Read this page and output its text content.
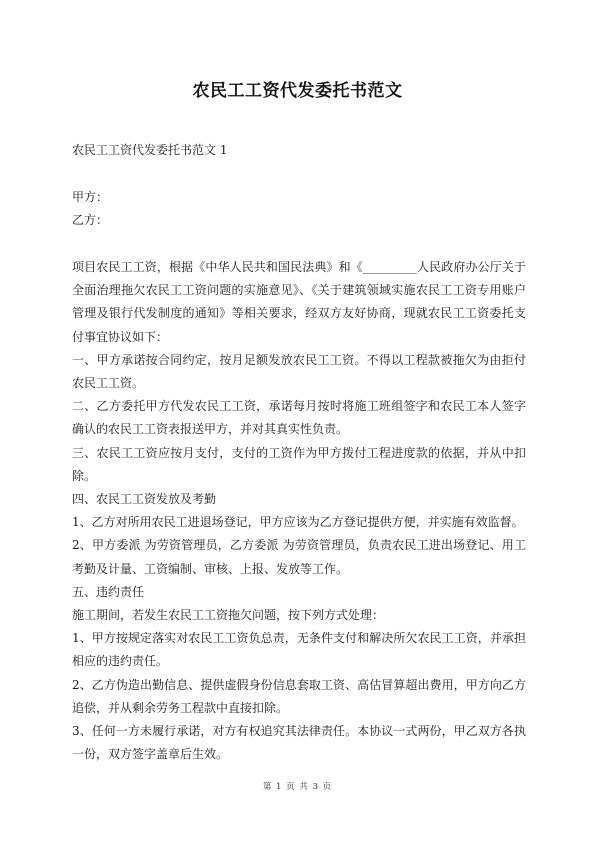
农民工工资代发委托书范文
农民工工资代发委托书范文 1
甲方：
乙方：

项目农民工工资，根据《中华人民共和国民法典》和《_________人民政府办公厅关于全面治理拖欠农民工工资问题的实施意见》、《关于建筑领域实施农民工工资专用账户管理及银行代发制度的通知》等相关要求，经双方友好协商，现就农民工工资委托支付事宜协议如下：

一、甲方承诺按合同约定，按月足额发放农民工工资。不得以工程款被拖欠为由拒付农民工工资。

二、乙方委托甲方代发农民工工资，承诺每月按时将施工班组签字和农民工本人签字确认的农民工工资表报送甲方，并对其真实性负责。

三、农民工工资应按月支付，支付的工资作为甲方拨付工程进度款的依据，并从中扣除。

四、农民工工资发放及考勤

1、乙方对所用农民工进退场登记，甲方应该为乙方登记提供方便，并实施有效监督。

2、甲方委派 为劳资管理员，乙方委派 为劳资管理员，负责农民工进出场登记、用工考勤及计量、工资编制、审核、上报、发放等工作。

五、违约责任

施工期间，若发生农民工工资拖欠问题，按下列方式处理：

1、甲方按规定落实对农民工工资负总责，无条件支付和解决所欠农民工工资，并承担相应的违约责任。

2、乙方伪造出勤信息、提供虚假身份信息套取工资、高估冒算超出费用，甲方向乙方追偿，并从剩余劳务工程款中直接扣除。

3、任何一方未履行承诺，对方有权追究其法律责任。本协议一式两份，甲乙双方各执一份，双方签字盖章后生效。

第 1 页 共 3 页
